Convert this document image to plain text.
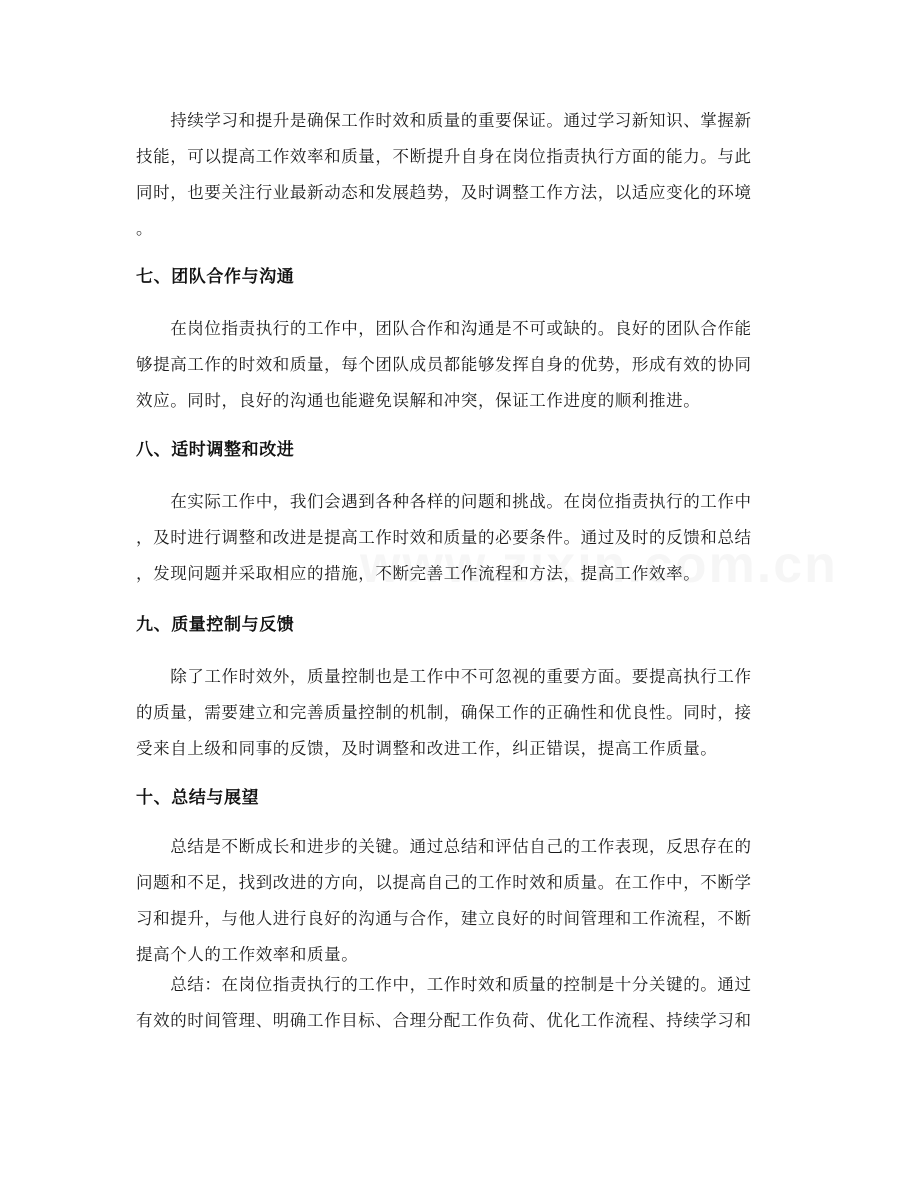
　　持续学习和提升是确保工作时效和质量的重要保证。通过学习新知识、掌握新
技能，可以提高工作效率和质量，不断提升自身在岗位指责执行方面的能力。与此
同时，也要关注行业最新动态和发展趋势，及时调整工作方法，以适应变化的环境
。
七、团队合作与沟通
　　在岗位指责执行的工作中，团队合作和沟通是不可或缺的。良好的团队合作能
够提高工作的时效和质量，每个团队成员都能够发挥自身的优势，形成有效的协同
效应。同时，良好的沟通也能避免误解和冲突，保证工作进度的顺利推进。
八、适时调整和改进
　　在实际工作中，我们会遇到各种各样的问题和挑战。在岗位指责执行的工作中
，及时进行调整和改进是提高工作时效和质量的必要条件。通过及时的反馈和总结
，发现问题并采取相应的措施，不断完善工作流程和方法，提高工作效率。
九、质量控制与反馈
　　除了工作时效外，质量控制也是工作中不可忽视的重要方面。要提高执行工作
的质量，需要建立和完善质量控制的机制，确保工作的正确性和优良性。同时，接
受来自上级和同事的反馈，及时调整和改进工作，纠正错误，提高工作质量。
十、总结与展望
　　总结是不断成长和进步的关键。通过总结和评估自己的工作表现，反思存在的
问题和不足，找到改进的方向，以提高自己的工作时效和质量。在工作中，不断学
习和提升，与他人进行良好的沟通与合作，建立良好的时间管理和工作流程，不断
提高个人的工作效率和质量。
　　总结：在岗位指责执行的工作中，工作时效和质量的控制是十分关键的。通过
有效的时间管理、明确工作目标、合理分配工作负荷、优化工作流程、持续学习和
